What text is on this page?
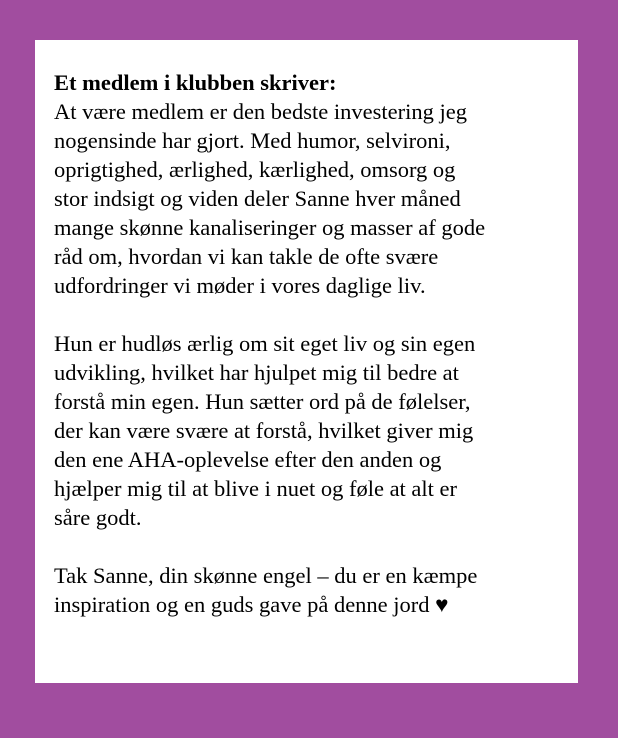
Et medlem i klubben skriver:
At være medlem er den bedste investering jeg
nogensinde har gjort. Med humor, selvironi,
oprigtighed, ærlighed, kærlighed, omsorg og
stor indsigt og viden deler Sanne hver måned
mange skønne kanaliseringer og masser af gode
råd om, hvordan vi kan takle de ofte svære
udfordringer vi møder i vores daglige liv.
Hun er hudløs ærlig om sit eget liv og sin egen
udvikling, hvilket har hjulpet mig til bedre at
forstå min egen. Hun sætter ord på de følelser,
der kan være svære at forstå, hvilket giver mig
den ene AHA-oplevelse efter den anden og
hjælper mig til at blive i nuet og føle at alt er
såre godt.
Tak Sanne, din skønne engel – du er en kæmpe
inspiration og en guds gave på denne jord ♥
